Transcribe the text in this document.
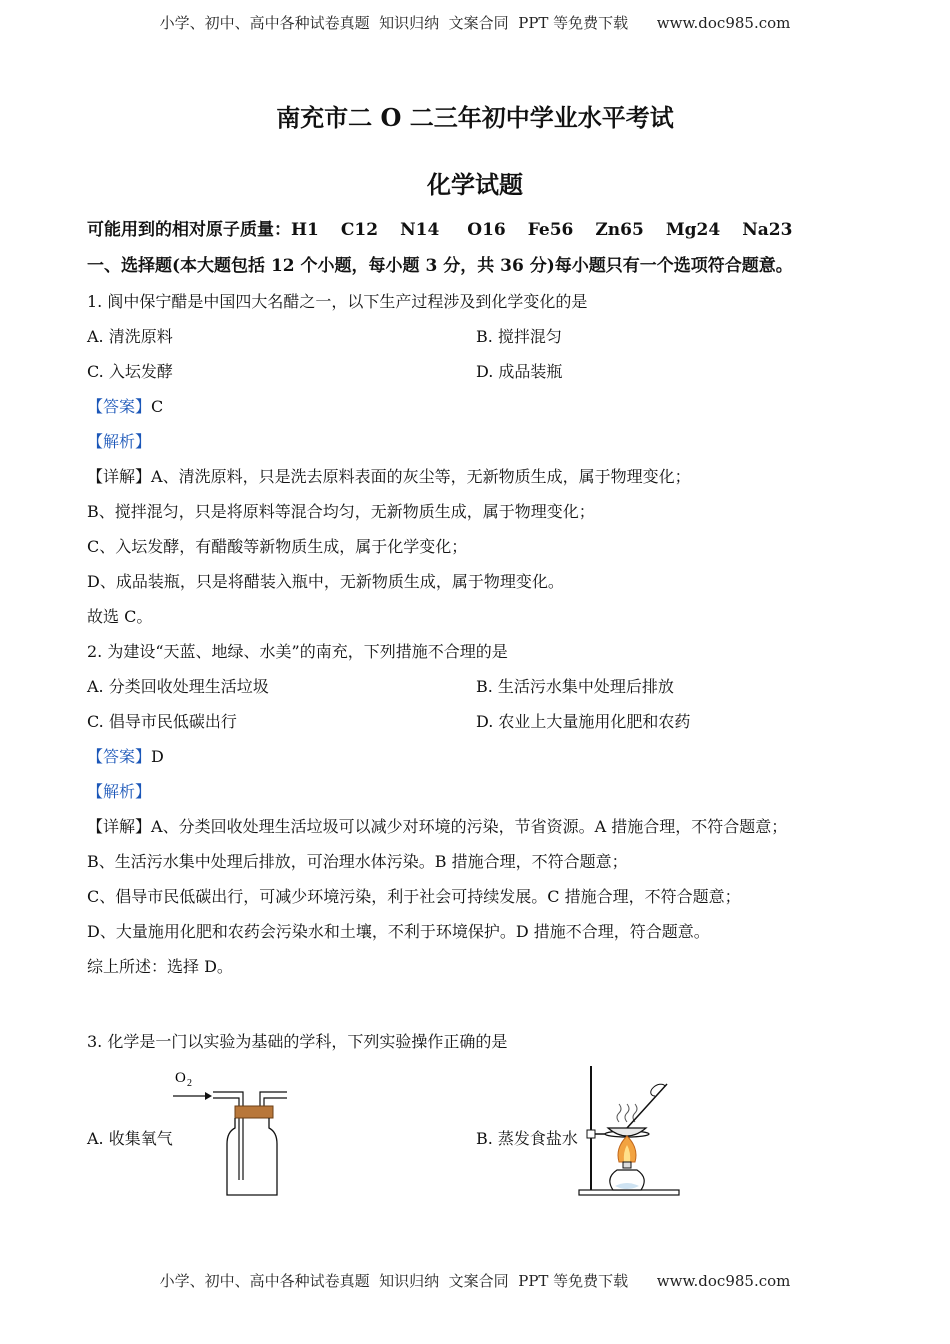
小学、初中、高中各种试卷真题  知识归纳  文案合同  PPT 等免费下载      www.doc985.com
南充市二 O 二三年初中学业水平考试
化学试题
可能用到的相对原子质量：H1 C12 N14 O16 Fe56 Zn65 Mg24 Na23
一、选择题(本大题包括 12 个小题，每小题 3 分，共 36 分)每小题只有一个选项符合题意。
1. 阆中保宁醋是中国四大名醋之一，以下生产过程涉及到化学变化的是
A. 清洗原料	B. 搅拌混匀
C. 入坛发酵	D. 成品装瓶
【答案】C
【解析】
【详解】A、清洗原料，只是洗去原料表面的灰尘等，无新物质生成，属于物理变化；
B、搅拌混匀，只是将原料等混合均匀，无新物质生成，属于物理变化；
C、入坛发酵，有醋酸等新物质生成，属于化学变化；
D、成品装瓶，只是将醋装入瓶中，无新物质生成，属于物理变化。
故选 C。
2. 为建设“天蓝、地绿、水美”的南充，下列措施不合理的是
A. 分类回收处理生活垃圾	B. 生活污水集中处理后排放
C. 倡导市民低碳出行	D. 农业上大量施用化肥和农药
【答案】D
【解析】
【详解】A、分类回收处理生活垃圾可以减少对环境的污染，节省资源。A 措施合理，不符合题意；
B、生活污水集中处理后排放，可治理水体污染。B 措施合理，不符合题意；
C、倡导市民低碳出行，可减少环境污染，利于社会可持续发展。C 措施合理，不符合题意；
D、大量施用化肥和农药会污染水和土壤，不利于环境保护。D 措施不合理，符合题意。
综上所述：选择 D。
3. 化学是一门以实验为基础的学科，下列实验操作正确的是
A. 收集氧气	B. 蒸发食盐水
O 2
小学、初中、高中各种试卷真题  知识归纳  文案合同  PPT 等免费下载      www.doc985.com
